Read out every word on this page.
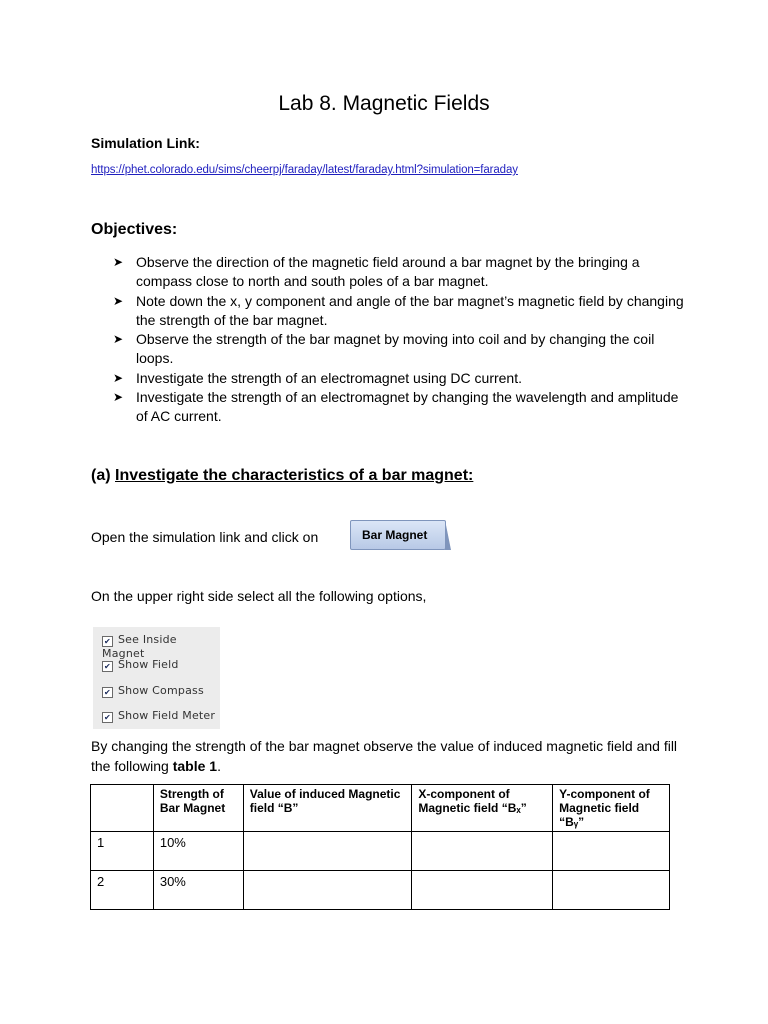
Lab 8. Magnetic Fields
Simulation Link:
https://phet.colorado.edu/sims/cheerpj/faraday/latest/faraday.html?simulation=faraday
Objectives:
➤ Observe the direction of the magnetic field around a bar magnet by the bringing a compass close to north and south poles of a bar magnet.
➤ Note down the x, y component and angle of the bar magnet’s magnetic field by changing the strength of the bar magnet.
➤ Observe the strength of the bar magnet by moving into coil and by changing the coil loops.
➤ Investigate the strength of an electromagnet using DC current.
➤ Investigate the strength of an electromagnet by changing the wavelength and amplitude of AC current.
(a) Investigate the characteristics of a bar magnet:
Open the simulation link and click on	Bar Magnet
On the upper right side select all the following options,
✔ See Inside Magnet
✔ Show Field
✔ Show Compass
✔ Show Field Meter
By changing the strength of the bar magnet observe the value of induced magnetic field and fill the following table 1.
	Strength of Bar Magnet	Value of induced Magnetic field “B”	X-component of Magnetic field “Bₓ”	Y-component of Magnetic field “Bᵧ”
1	10%			
2	30%			
